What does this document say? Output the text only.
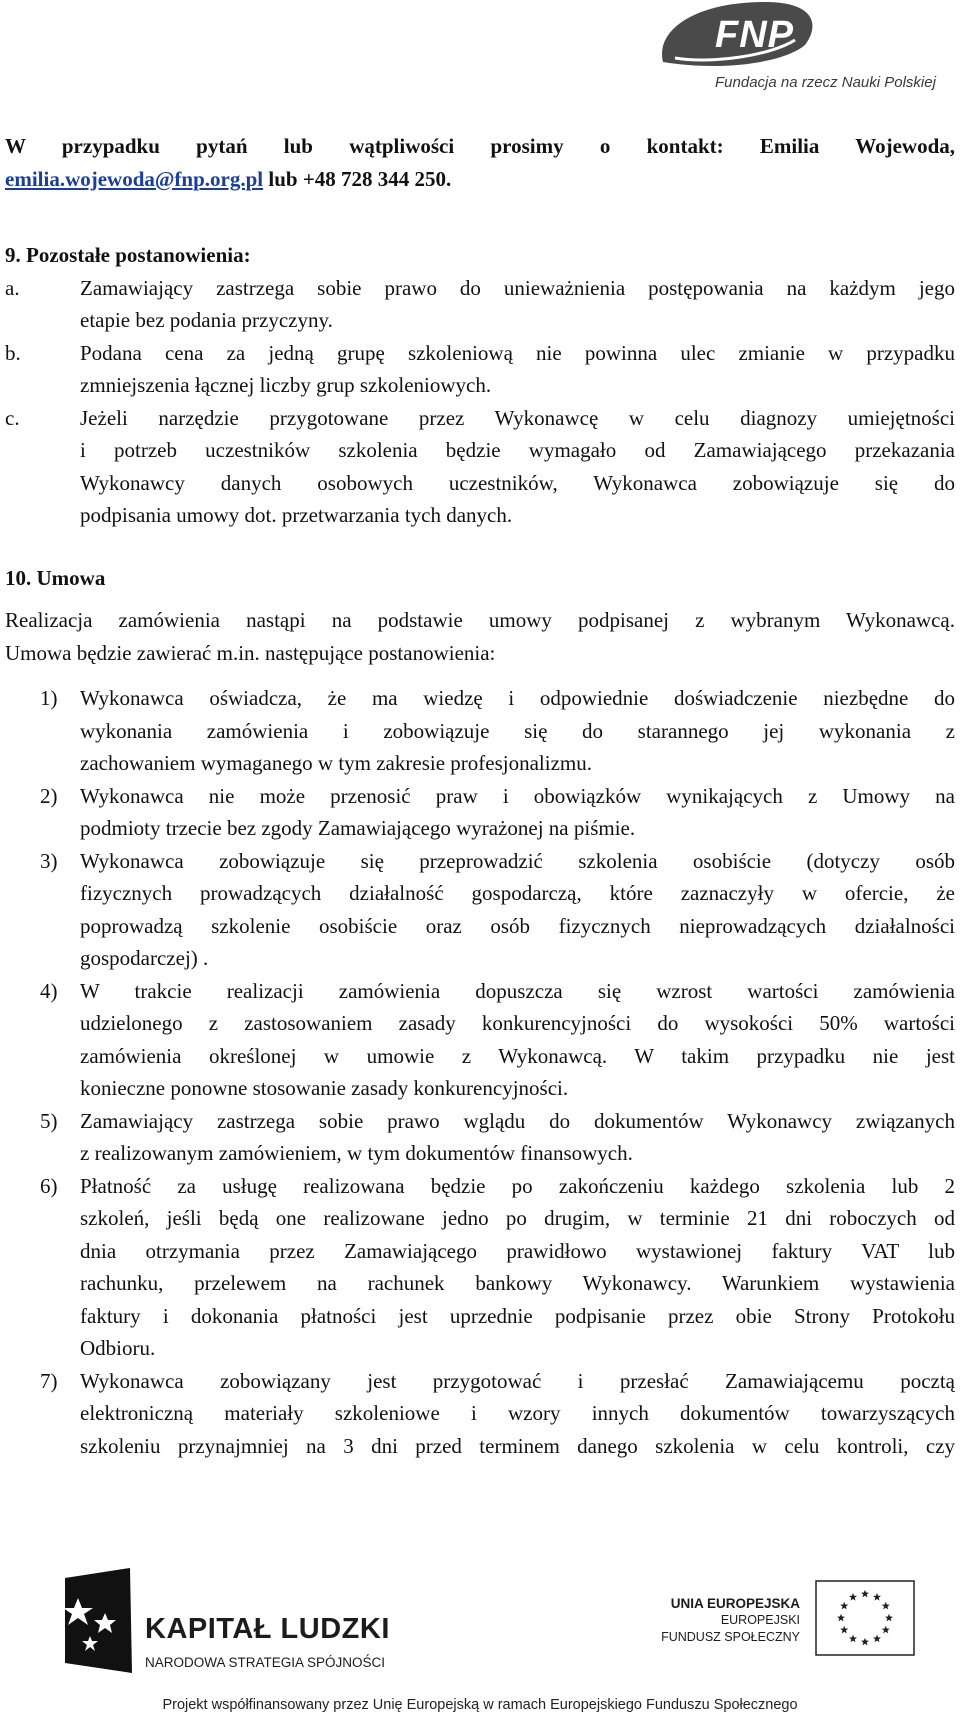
FNP
Fundacja na rzecz Nauki Polskiej
W przypadku pytań lub wątpliwości prosimy o kontakt: Emilia Wojewoda,
emilia.wojewoda@fnp.org.pl lub +48 728 344 250.
9. Pozostałe postanowienia:
a.	Zamawiający zastrzega sobie prawo do unieważnienia postępowania na każdym jego
etapie bez podania przyczyny.
b.	Podana cena za jedną grupę szkoleniową nie powinna ulec zmianie w przypadku
zmniejszenia łącznej liczby grup szkoleniowych.
c.	Jeżeli narzędzie przygotowane przez Wykonawcę w celu diagnozy umiejętności
i potrzeb uczestników szkolenia będzie wymagało od Zamawiającego przekazania
Wykonawcy danych osobowych uczestników, Wykonawca zobowiązuje się do
podpisania umowy dot. przetwarzania tych danych.
10. Umowa
Realizacja zamówienia nastąpi na podstawie umowy podpisanej z wybranym Wykonawcą.
Umowa będzie zawierać m.in. następujące postanowienia:
1) Wykonawca oświadcza, że ma wiedzę i odpowiednie doświadczenie niezbędne do
wykonania zamówienia i zobowiązuje się do starannego jej wykonania z
zachowaniem wymaganego w tym zakresie profesjonalizmu.
2) Wykonawca nie może przenosić praw i obowiązków wynikających z Umowy na
podmioty trzecie bez zgody Zamawiającego wyrażonej na piśmie.
3) Wykonawca zobowiązuje się przeprowadzić szkolenia osobiście (dotyczy osób
fizycznych prowadzących działalność gospodarczą, które zaznaczyły w ofercie, że
poprowadzą szkolenie osobiście oraz osób fizycznych nieprowadzących działalności
gospodarczej) .
4) W trakcie realizacji zamówienia dopuszcza się wzrost wartości zamówienia
udzielonego z zastosowaniem zasady konkurencyjności do wysokości 50% wartości
zamówienia określonej w umowie z Wykonawcą. W takim przypadku nie jest
konieczne ponowne stosowanie zasady konkurencyjności.
5) Zamawiający zastrzega sobie prawo wglądu do dokumentów Wykonawcy związanych
z realizowanym zamówieniem, w tym dokumentów finansowych.
6) Płatność za usługę realizowana będzie po zakończeniu każdego szkolenia lub 2
szkoleń, jeśli będą one realizowane jedno po drugim, w terminie 21 dni roboczych od
dnia otrzymania przez Zamawiającego prawidłowo wystawionej faktury VAT lub
rachunku, przelewem na rachunek bankowy Wykonawcy. Warunkiem wystawienia
faktury i dokonania płatności jest uprzednie podpisanie przez obie Strony Protokołu
Odbioru.
7) Wykonawca zobowiązany jest przygotować i przesłać Zamawiającemu pocztą
elektroniczną materiały szkoleniowe i wzory innych dokumentów towarzyszących
szkoleniu przynajmniej na 3 dni przed terminem danego szkolenia w celu kontroli, czy
KAPITAŁ LUDZKI
NARODOWA STRATEGIA SPÓJNOŚCI
UNIA EUROPEJSKA
EUROPEJSKI
FUNDUSZ SPOŁECZNY
Projekt współfinansowany przez Unię Europejską w ramach Europejskiego Funduszu Społecznego
